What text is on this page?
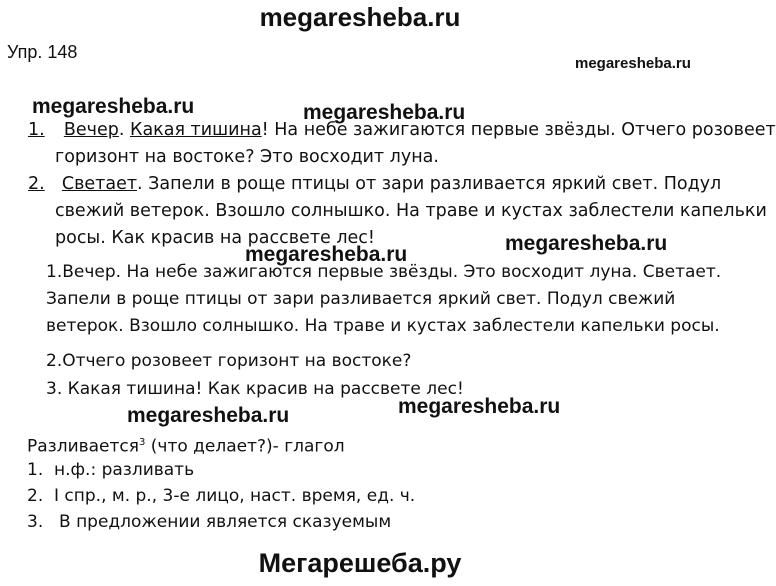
megaresheba.ru
megaresheba.ru
megaresheba.ru	megaresheba.ru
megaresheba.ru	megaresheba.ru
megaresheba.ru	megaresheba.ru
Мегарешеба.ру
Упр. 148
1. Вечер. Какая тишина! На небе зажигаются первые звёзды. Отчего розовеет
горизонт на востоке? Это восходит луна.
2. Светает. Запели в роще птицы от зари разливается яркий свет. Подул
свежий ветерок. Взошло солнышко. На траве и кустах заблестели капельки
росы. Как красив на рассвете лес!
1.Вечер. На небе зажигаются первые звёзды. Это восходит луна. Светает.
Запели в роще птицы от зари разливается яркий свет. Подул свежий
ветерок. Взошло солнышко. На траве и кустах заблестели капельки росы.
2.Отчего розовеет горизонт на востоке?
3. Какая тишина! Как красив на рассвете лес!
Разливается$^3$ (что делает?)- глагол
1. н.ф.: разливать
2. I спр., м. р., 3-е лицо, наст. время, ед. ч.
3. В предложении является сказуемым
